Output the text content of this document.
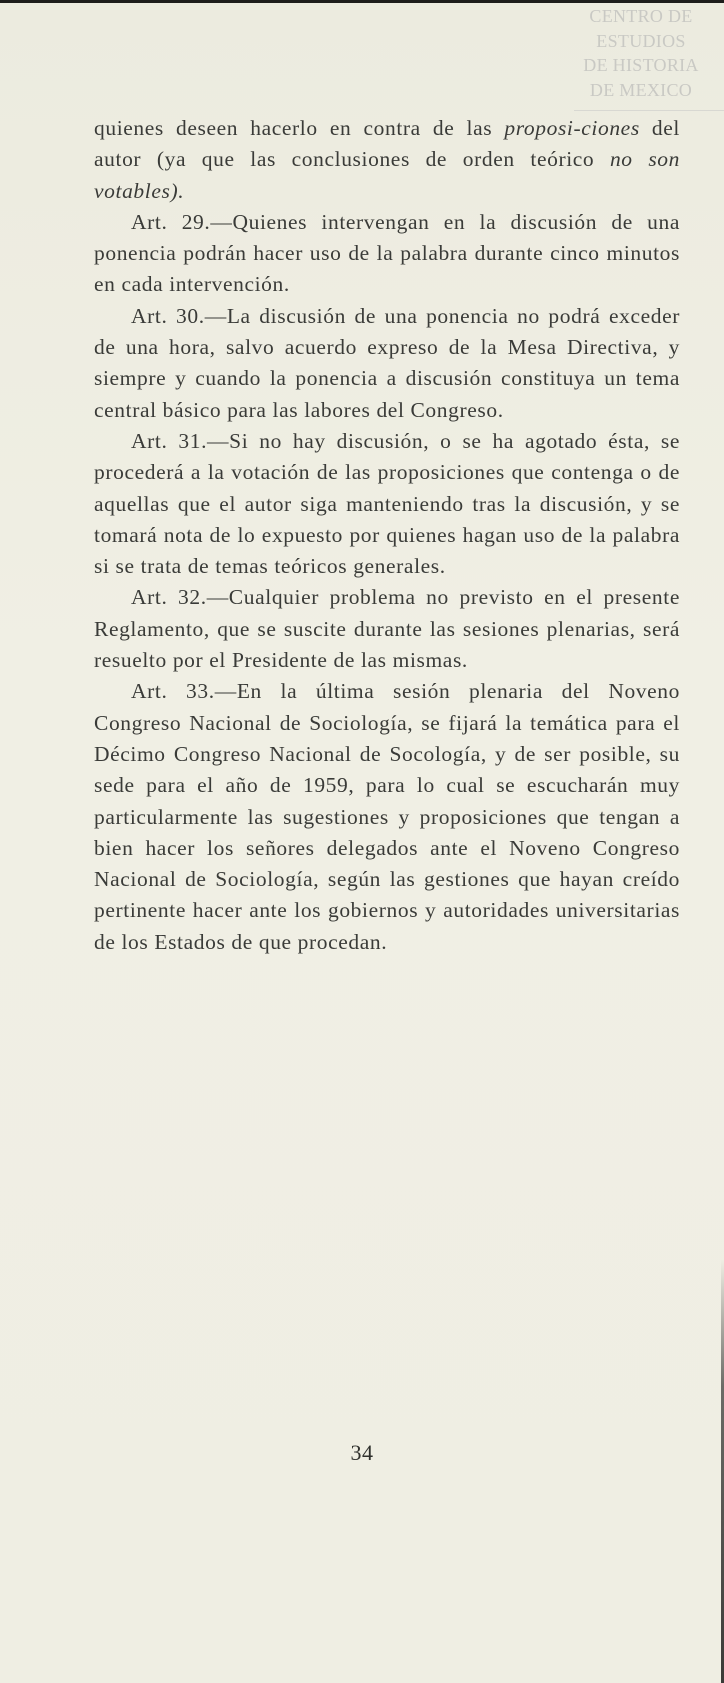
CENTRO DE
ESTUDIOS
DE HISTORIA
DE MEXICO

quienes deseen hacerlo en contra de las proposi-ciones del autor (ya que las conclusiones de orden teórico no son votables).

Art. 29.—Quienes intervengan en la discusión de una ponencia podrán hacer uso de la palabra durante cinco minutos en cada intervención.

Art. 30.—La discusión de una ponencia no podrá exceder de una hora, salvo acuerdo expreso de la Mesa Directiva, y siempre y cuando la ponencia a discusión constituya un tema central básico para las labores del Congreso.

Art. 31.—Si no hay discusión, o se ha agotado ésta, se procederá a la votación de las proposiciones que contenga o de aquellas que el autor siga manteniendo tras la discusión, y se tomará nota de lo expuesto por quienes hagan uso de la palabra si se trata de temas teóricos generales.

Art. 32.—Cualquier problema no previsto en el presente Reglamento, que se suscite durante las sesiones plenarias, será resuelto por el Presidente de las mismas.

Art. 33.—En la última sesión plenaria del Noveno Congreso Nacional de Sociología, se fijará la temática para el Décimo Congreso Nacional de Socología, y de ser posible, su sede para el año de 1959, para lo cual se escucharán muy particularmente las sugestiones y proposiciones que tengan a bien hacer los señores delegados ante el Noveno Congreso Nacional de Sociología, según las gestiones que hayan creído pertinente hacer ante los gobiernos y autoridades universitarias de los Estados de que procedan.

34
